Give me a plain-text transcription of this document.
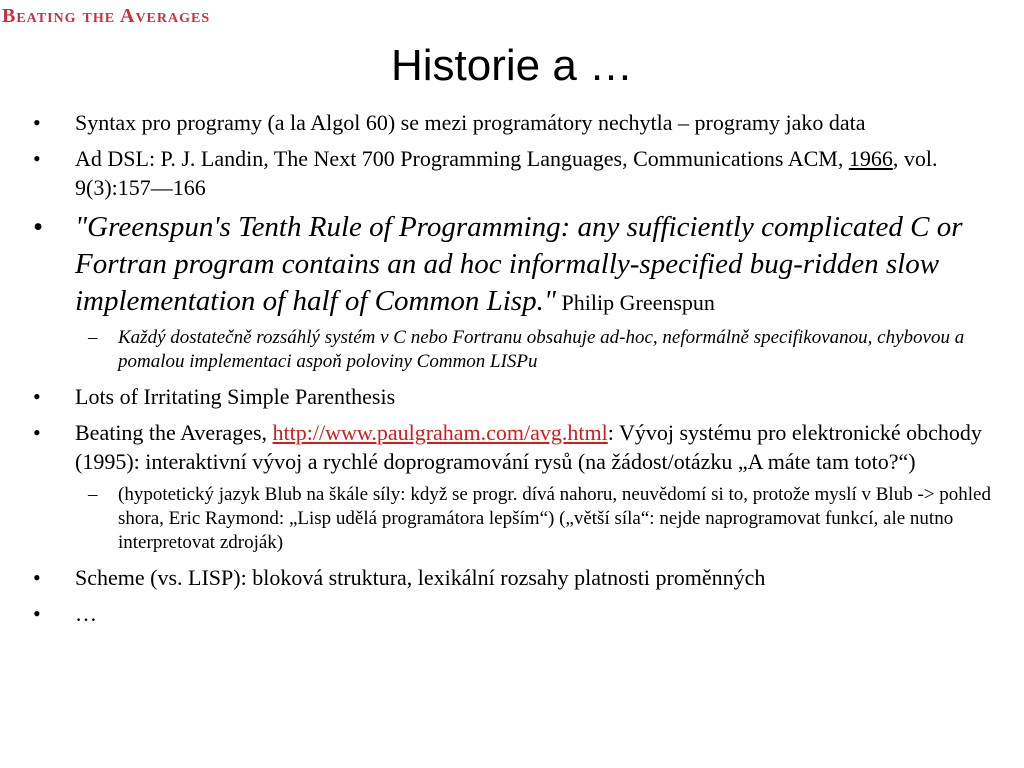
Beating the Averages
Historie a …
• Syntax pro programy (a la Algol 60) se mezi programátory nechytla – programy jako data
• Ad DSL: P. J. Landin, The Next 700 Programming Languages, Communications ACM, 1966, vol. 9(3):157—166
• "Greenspun's Tenth Rule of Programming: any sufficiently complicated C or Fortran program contains an ad hoc informally-specified bug-ridden slow implementation of half of Common Lisp." Philip Greenspun
– Každý dostatečně rozsáhlý systém v C nebo Fortranu obsahuje ad-hoc, neformálně specifikovanou, chybovou a pomalou implementaci aspoň poloviny Common LISPu
• Lots of Irritating Simple Parenthesis
• Beating the Averages, http://www.paulgraham.com/avg.html: Vývoj systému pro elektronické obchody (1995): interaktivní vývoj a rychlé doprogramování rysů (na žádost/otázku „A máte tam toto?“)
– (hypotetický jazyk Blub na škále síly: když se progr. dívá nahoru, neuvědomí si to, protože myslí v Blub -> pohled shora, Eric Raymond: „Lisp udělá programátora lepším“) („větší síla“: nejde naprogramovat funkcí, ale nutno interpretovat zdroják)
• Scheme (vs. LISP): bloková struktura, lexikální rozsahy platnosti proměnných
• …
